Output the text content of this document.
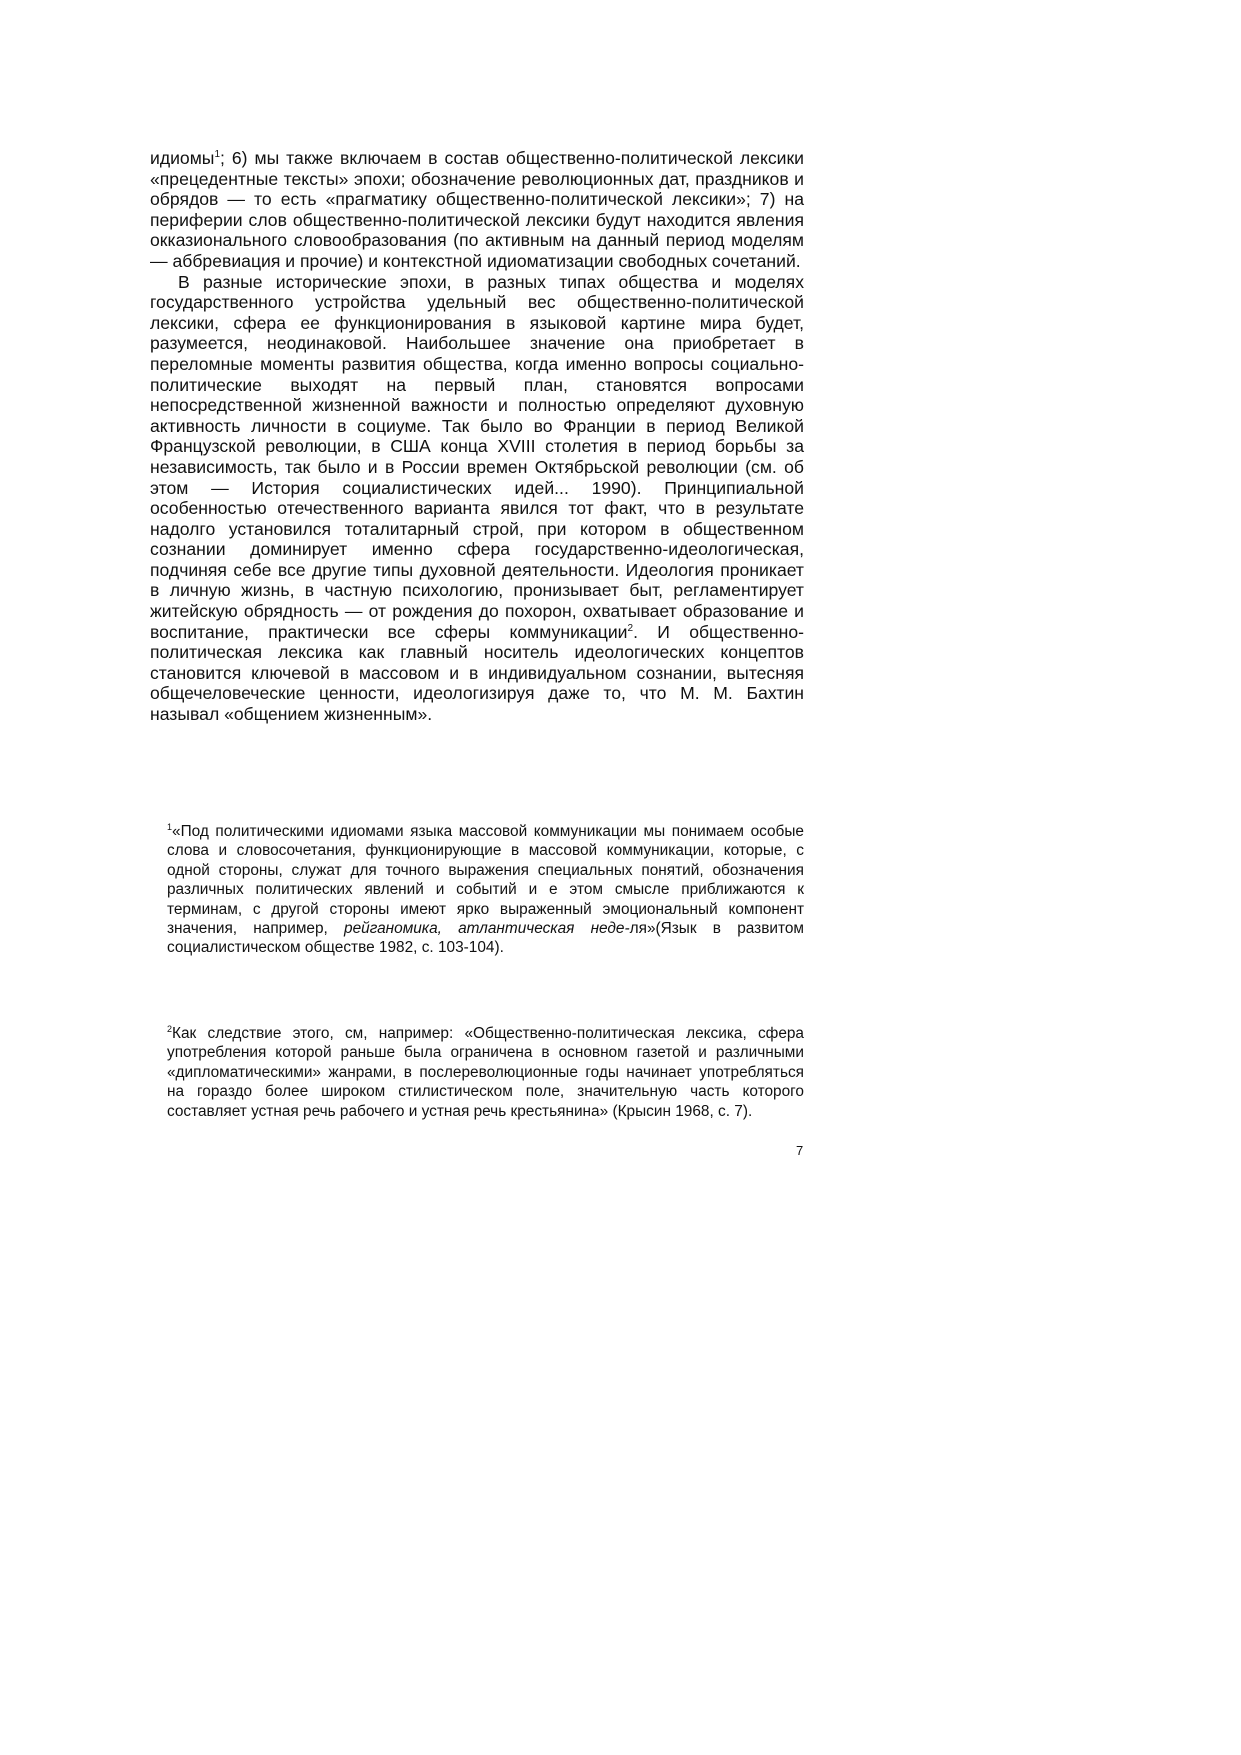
идиомы$^1$; 6) мы также включаем в состав общественно-политической лексики «прецедентные тексты» эпохи; обозначение революционных дат, праздников и обрядов — то есть «прагматику общественно-политической лексики»; 7) на периферии слов общественно-политической лексики будут находится явления окказионального словообразования (по активным на данный период моделям — аббревиация и прочие) и контекстной идиоматизации свободных сочетаний.

В разные исторические эпохи, в разных типах общества и моделях государственного устройства удельный вес общественно-политической лексики, сфера ее функционирования в языковой картине мира будет, разумеется, неодинаковой. Наибольшее значение она приобретает в переломные моменты развития общества, когда именно вопросы социально-политические выходят на первый план, становятся вопросами непосредственной жизненной важности и полностью определяют духовную активность личности в социуме. Так было во Франции в период Великой Французской революции, в США конца XVIII столетия в период борьбы за независимость, так было и в России времен Октябрьской революции (см. об этом — История социалистических идей... 1990). Принципиальной особенностью отечественного варианта явился тот факт, что в результате надолго установился тоталитарный строй, при котором в общественном сознании доминирует именно сфера государственно-идеологическая, подчиняя себе все другие типы духовной деятельности. Идеология проникает в личную жизнь, в частную психологию, пронизывает быт, регламентирует житейскую обрядность — от рождения до похорон, охватывает образование и воспитание, практически все сферы коммуникации$^2$. И общественно-политическая лексика как главный носитель идеологических концептов становится ключевой в массовом и в индивидуальном сознании, вытесняя общечеловеческие ценности, идеологизируя даже то, что М. М. Бахтин называл «общением жизненным».

$^1$«Под политическими идиомами языка массовой коммуникации мы понимаем особые слова и словосочетания, функционирующие в массовой коммуникации, которые, с одной стороны, служат для точного выражения специальных понятий, обозначения различных политических явлений и событий и е этом смысле приближаются к терминам, с другой стороны имеют ярко выраженный эмоциональный компонент значения, например, рейганомика, атлантическая неде-ля»(Язык в развитом социалистическом обществе 1982, с. 103-104).

$^2$Как следствие этого, см, например: «Общественно-политическая лексика, сфера употребления которой раньше была ограничена в основном газетой и различными «дипломатическими» жанрами, в послереволюционные годы начинает употребляться на гораздо более широком стилистическом поле, значительную часть которого составляет устная речь рабочего и устная речь крестьянина» (Крысин 1968, с. 7).

7
